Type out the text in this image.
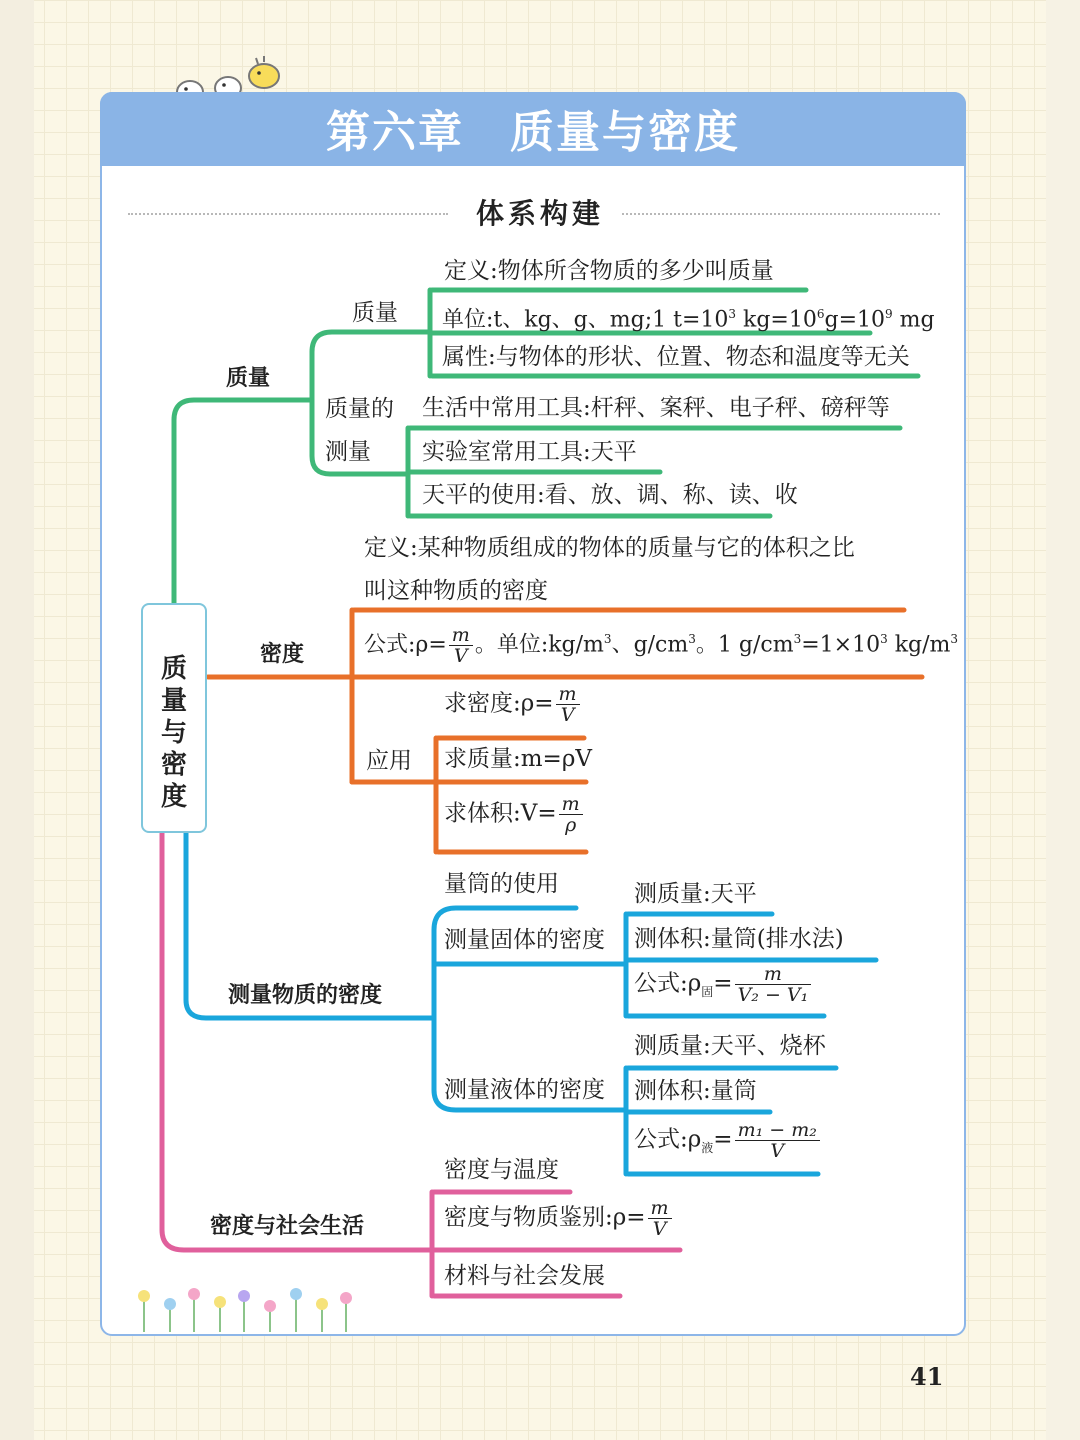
第六章　质量与密度
体系构建
质
量
与
密
度
质量
质量
定义:物体所含物质的多少叫质量
单位:t、kg、g、mg;1 $t=10^3$ $kg=10^6g=10^9$ mg
属性:与物体的形状、位置、物态和温度等无关
质量的
测量
生活中常用工具:杆秤、案秤、电子秤、磅秤等
实验室常用工具:天平
天平的使用:看、放、调、称、读、收
定义:某种物质组成的物体的质量与它的体积之比
叫这种物质的密度
密度	公式:ρ= $\frac{m}{V}$ 。单位$:kg/m^3$、$g/cm^3$。1 $g/cm^3=1\times 10^3$ $kg/m^3$
应用
求密度:ρ= $\frac{m}{V}$
求质量:m=ρV
求体积:V= $\frac{m}{\rho}$
量筒的使用
测量物质的密度
测量固体的密度
测质量:天平
测体积:量筒(排水法)
公式$:\rho_固= \frac{m}{\text{V₂ − V₁}}$
测量液体的密度
测质量:天平、烧杯
测体积:量筒
公式$:\rho_液= \frac{\text{m₁ − m₂}}{V}$
密度与温度
密度与社会生活	密度与物质鉴别:ρ= $\frac{m}{V}$
材料与社会发展
41
